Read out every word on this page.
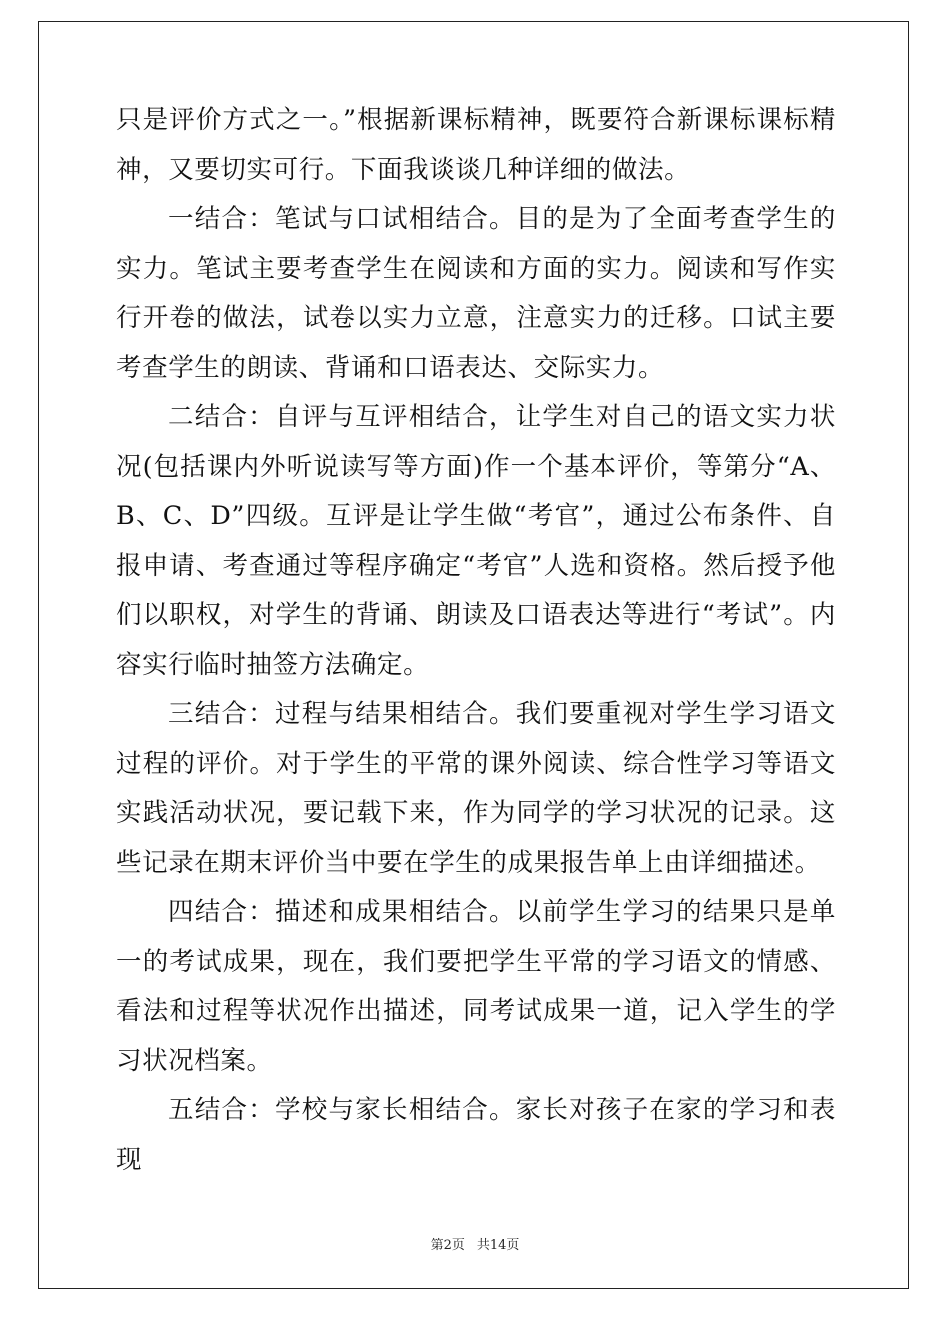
只是评价方式之一。”根据新课标精神，既要符合新课标课标精神，又要切实可行。下面我谈谈几种详细的做法。

一结合：笔试与口试相结合。目的是为了全面考查学生的实力。笔试主要考查学生在阅读和方面的实力。阅读和写作实行开卷的做法，试卷以实力立意，注意实力的迁移。口试主要考查学生的朗读、背诵和口语表达、交际实力。

二结合：自评与互评相结合，让学生对自己的语文实力状况(包括课内外听说读写等方面)作一个基本评价，等第分“A、B、C、D”四级。互评是让学生做“考官”，通过公布条件、自报申请、考查通过等程序确定“考官”人选和资格。然后授予他们以职权，对学生的背诵、朗读及口语表达等进行“考试”。内容实行临时抽签方法确定。

三结合：过程与结果相结合。我们要重视对学生学习语文过程的评价。对于学生的平常的课外阅读、综合性学习等语文实践活动状况，要记载下来，作为同学的学习状况的记录。这些记录在期末评价当中要在学生的成果报告单上由详细描述。

四结合：描述和成果相结合。以前学生学习的结果只是单一的考试成果，现在，我们要把学生平常的学习语文的情感、看法和过程等状况作出描述，同考试成果一道，记入学生的学习状况档案。

五结合：学校与家长相结合。家长对孩子在家的学习和表现

第2页 共14页
